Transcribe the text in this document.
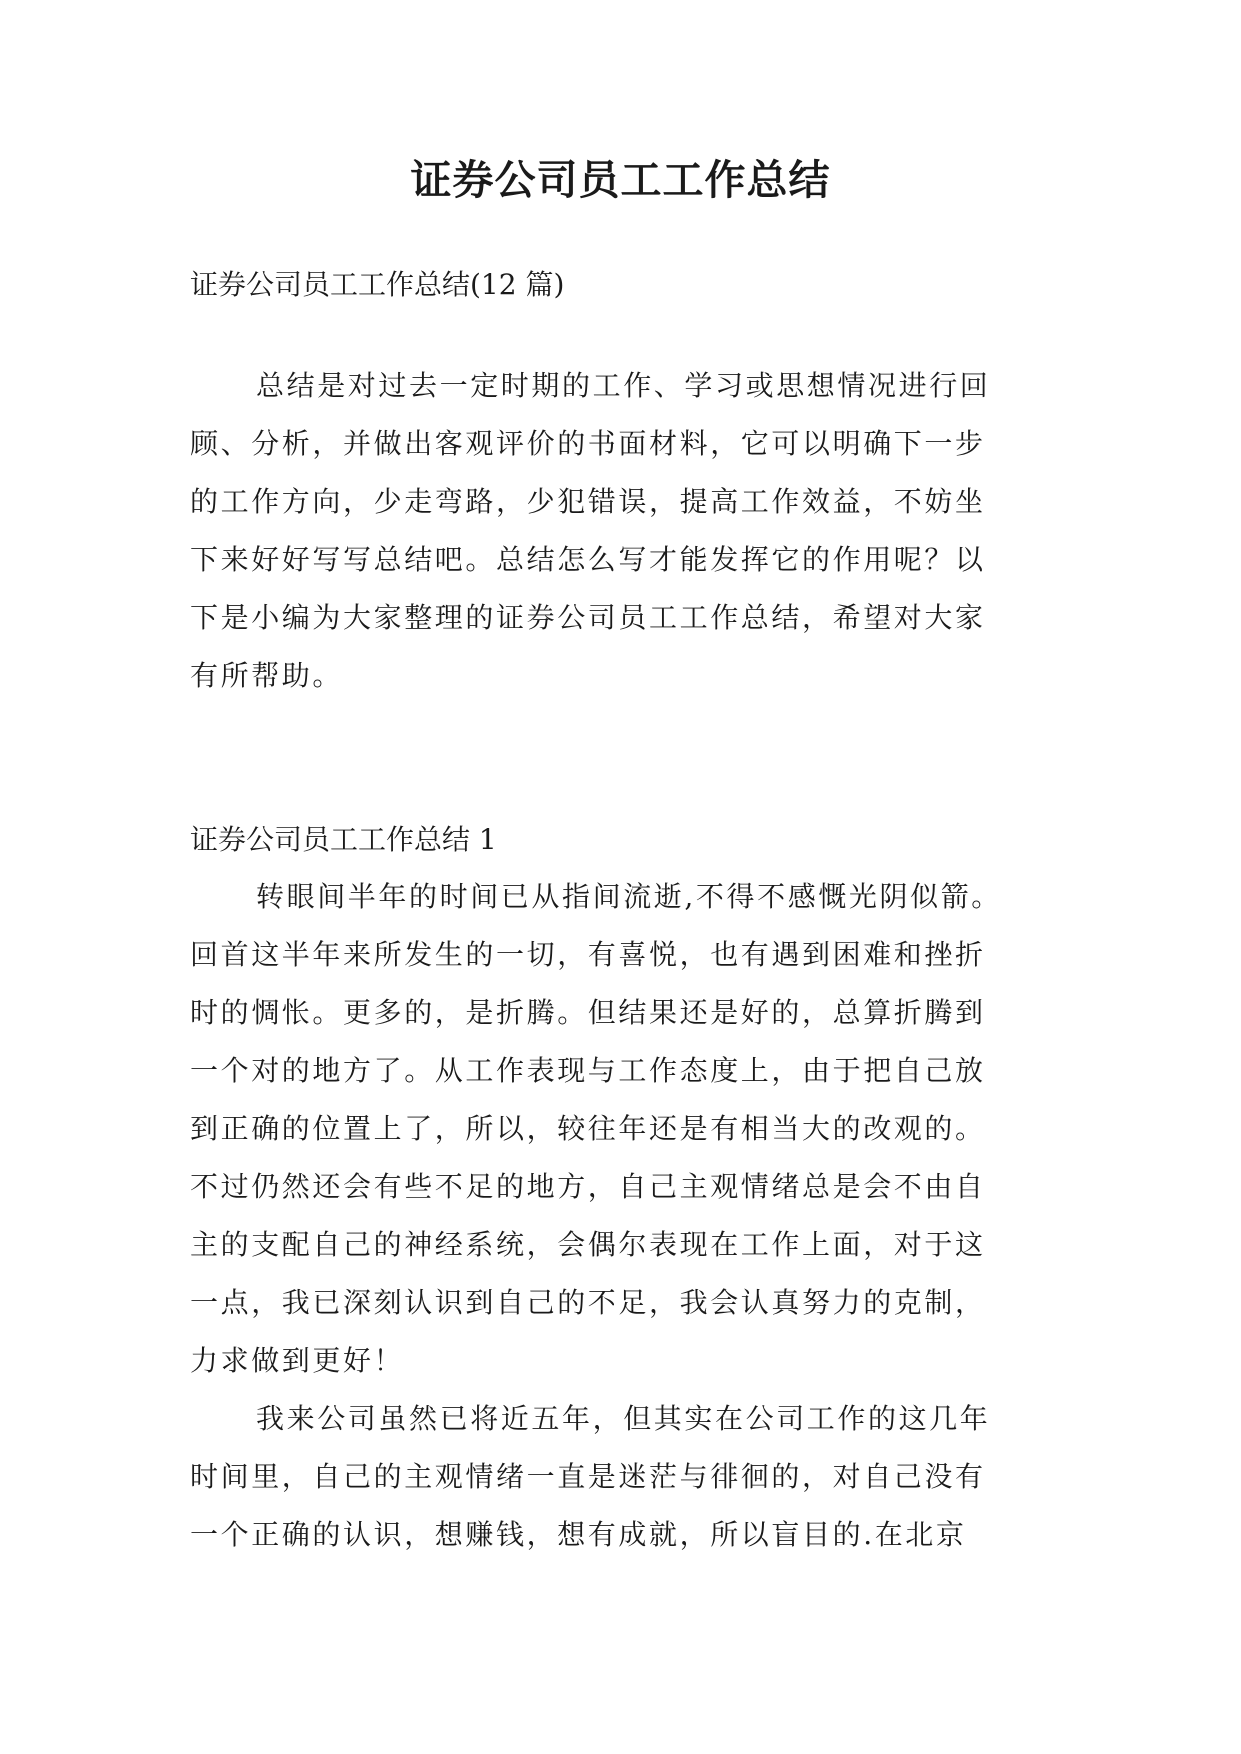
证券公司员工工作总结

证券公司员工工作总结(12 篇)

总结是对过去一定时期的工作、学习或思想情况进行回
顾、分析，并做出客观评价的书面材料，它可以明确下一步
的工作方向，少走弯路，少犯错误，提高工作效益，不妨坐
下来好好写写总结吧。总结怎么写才能发挥它的作用呢？以
下是小编为大家整理的证券公司员工工作总结，希望对大家
有所帮助。

证券公司员工工作总结 1

转眼间半年的时间已从指间流逝,不得不感慨光阴似箭。
回首这半年来所发生的一切，有喜悦，也有遇到困难和挫折
时的惆怅。更多的，是折腾。但结果还是好的，总算折腾到
一个对的地方了。从工作表现与工作态度上，由于把自己放
到正确的位置上了，所以，较往年还是有相当大的改观的。
不过仍然还会有些不足的地方，自己主观情绪总是会不由自
主的支配自己的神经系统，会偶尔表现在工作上面，对于这
一点，我已深刻认识到自己的不足，我会认真努力的克制，
力求做到更好！
我来公司虽然已将近五年，但其实在公司工作的这几年
时间里，自己的主观情绪一直是迷茫与徘徊的，对自己没有
一个正确的认识，想赚钱，想有成就，所以盲目的.在北京
